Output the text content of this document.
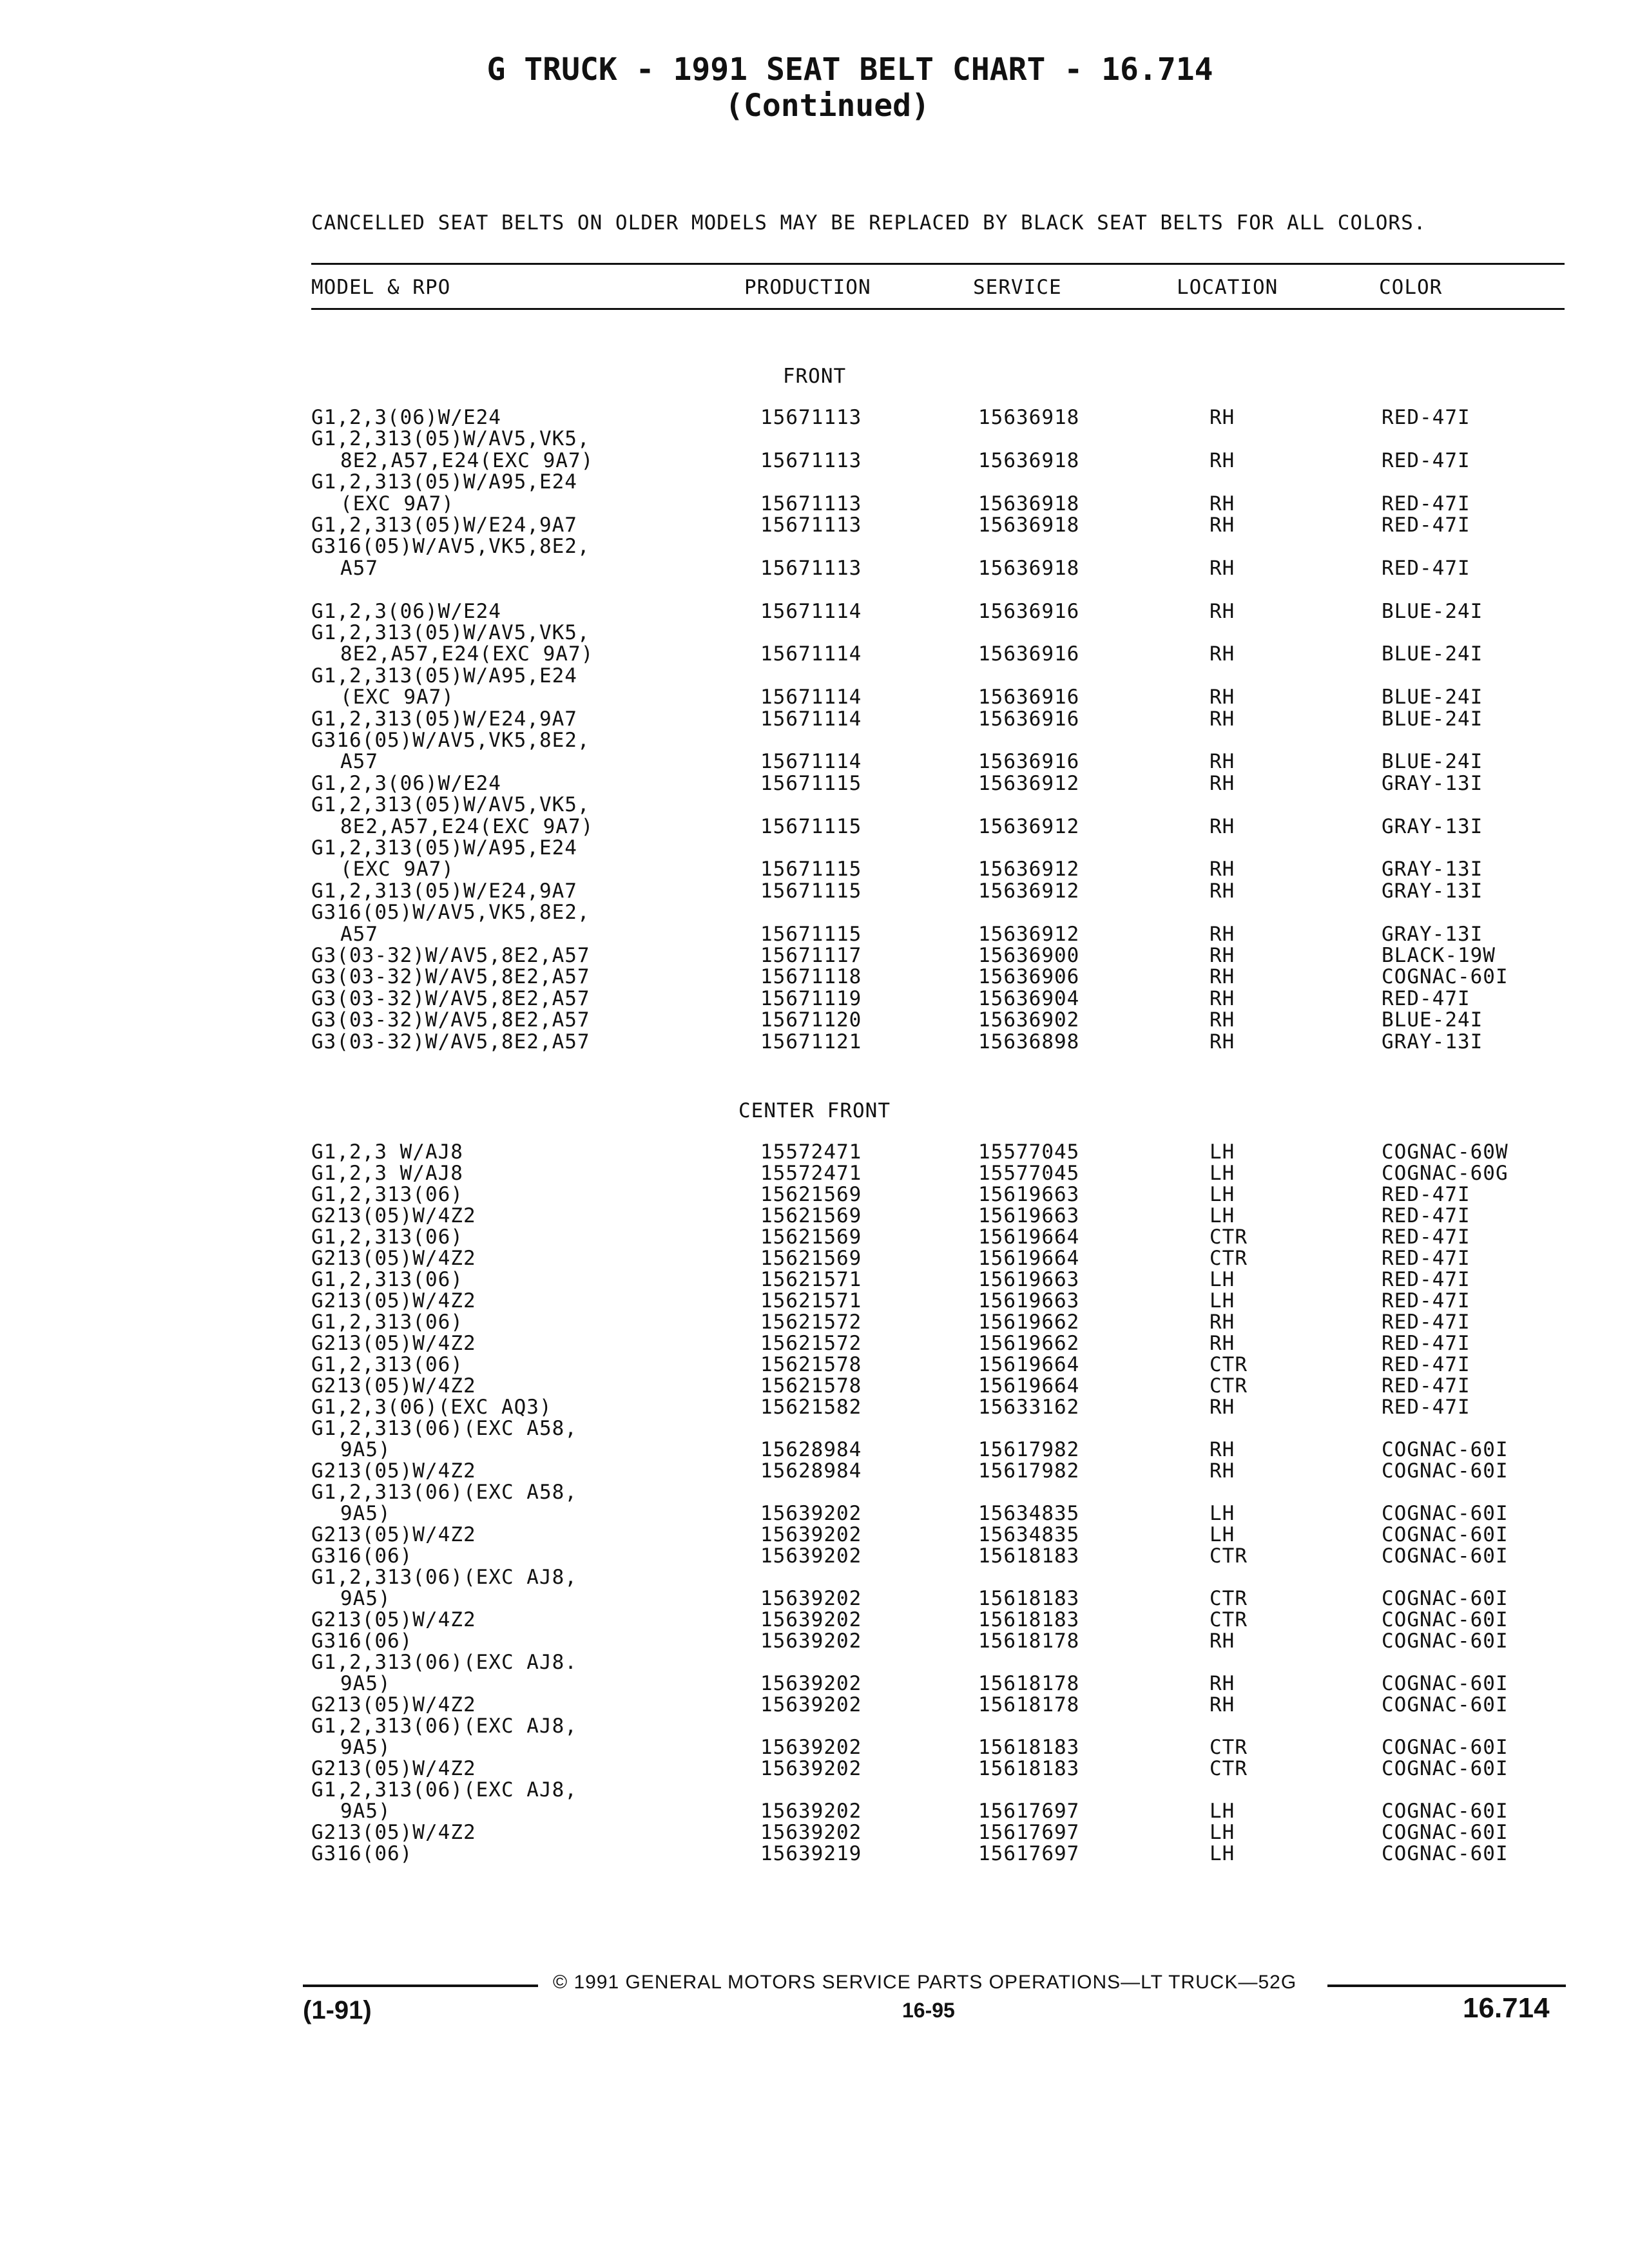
G TRUCK - 1991 SEAT BELT CHART - 16.714
(Continued)
CANCELLED SEAT BELTS ON OLDER MODELS MAY BE REPLACED BY BLACK SEAT BELTS FOR ALL COLORS.
MODEL & RPO	PRODUCTION	SERVICE	LOCATION	COLOR
FRONT
G1,2,3(06)W/E24	15671113	15636918	RH	RED-47I
G1,2,313(05)W/AV5,VK5,
8E2,A57,E24(EXC 9A7)	15671113	15636918	RH	RED-47I
G1,2,313(05)W/A95,E24
(EXC 9A7)	15671113	15636918	RH	RED-47I
G1,2,313(05)W/E24,9A7	15671113	15636918	RH	RED-47I
G316(05)W/AV5,VK5,8E2,
A57	15671113	15636918	RH	RED-47I
G1,2,3(06)W/E24	15671114	15636916	RH	BLUE-24I
G1,2,313(05)W/AV5,VK5,
8E2,A57,E24(EXC 9A7)	15671114	15636916	RH	BLUE-24I
G1,2,313(05)W/A95,E24
(EXC 9A7)	15671114	15636916	RH	BLUE-24I
G1,2,313(05)W/E24,9A7	15671114	15636916	RH	BLUE-24I
G316(05)W/AV5,VK5,8E2,
A57	15671114	15636916	RH	BLUE-24I
G1,2,3(06)W/E24	15671115	15636912	RH	GRAY-13I
G1,2,313(05)W/AV5,VK5,
8E2,A57,E24(EXC 9A7)	15671115	15636912	RH	GRAY-13I
G1,2,313(05)W/A95,E24
(EXC 9A7)	15671115	15636912	RH	GRAY-13I
G1,2,313(05)W/E24,9A7	15671115	15636912	RH	GRAY-13I
G316(05)W/AV5,VK5,8E2,
A57	15671115	15636912	RH	GRAY-13I
G3(03-32)W/AV5,8E2,A57	15671117	15636900	RH	BLACK-19W
G3(03-32)W/AV5,8E2,A57	15671118	15636906	RH	COGNAC-60I
G3(03-32)W/AV5,8E2,A57	15671119	15636904	RH	RED-47I
G3(03-32)W/AV5,8E2,A57	15671120	15636902	RH	BLUE-24I
G3(03-32)W/AV5,8E2,A57	15671121	15636898	RH	GRAY-13I
CENTER FRONT
G1,2,3 W/AJ8	15572471	15577045	LH	COGNAC-60W
G1,2,3 W/AJ8	15572471	15577045	LH	COGNAC-60G
G1,2,313(06)	15621569	15619663	LH	RED-47I
G213(05)W/4Z2	15621569	15619663	LH	RED-47I
G1,2,313(06)	15621569	15619664	CTR	RED-47I
G213(05)W/4Z2	15621569	15619664	CTR	RED-47I
G1,2,313(06)	15621571	15619663	LH	RED-47I
G213(05)W/4Z2	15621571	15619663	LH	RED-47I
G1,2,313(06)	15621572	15619662	RH	RED-47I
G213(05)W/4Z2	15621572	15619662	RH	RED-47I
G1,2,313(06)	15621578	15619664	CTR	RED-47I
G213(05)W/4Z2	15621578	15619664	CTR	RED-47I
G1,2,3(06)(EXC AQ3)	15621582	15633162	RH	RED-47I
G1,2,313(06)(EXC A58,
9A5)	15628984	15617982	RH	COGNAC-60I
G213(05)W/4Z2	15628984	15617982	RH	COGNAC-60I
G1,2,313(06)(EXC A58,
9A5)	15639202	15634835	LH	COGNAC-60I
G213(05)W/4Z2	15639202	15634835	LH	COGNAC-60I
G316(06)	15639202	15618183	CTR	COGNAC-60I
G1,2,313(06)(EXC AJ8,
9A5)	15639202	15618183	CTR	COGNAC-60I
G213(05)W/4Z2	15639202	15618183	CTR	COGNAC-60I
G316(06)	15639202	15618178	RH	COGNAC-60I
G1,2,313(06)(EXC AJ8.
9A5)	15639202	15618178	RH	COGNAC-60I
G213(05)W/4Z2	15639202	15618178	RH	COGNAC-60I
G1,2,313(06)(EXC AJ8,
9A5)	15639202	15618183	CTR	COGNAC-60I
G213(05)W/4Z2	15639202	15618183	CTR	COGNAC-60I
G1,2,313(06)(EXC AJ8,
9A5)	15639202	15617697	LH	COGNAC-60I
G213(05)W/4Z2	15639202	15617697	LH	COGNAC-60I
G316(06)	15639219	15617697	LH	COGNAC-60I
© 1991 GENERAL MOTORS SERVICE PARTS OPERATIONS—LT TRUCK—52G
(1-91)	16-95	16.714
